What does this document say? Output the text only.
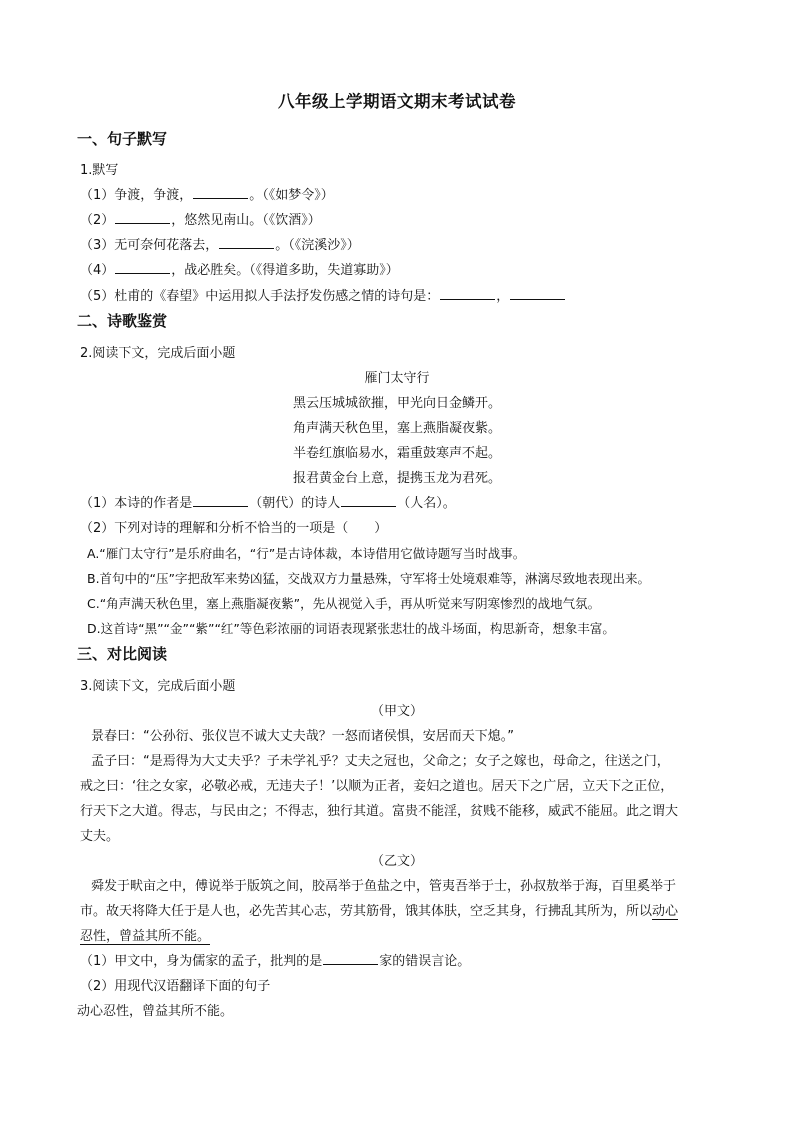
八年级上学期语文期末考试试卷
一、句子默写
1.默写
（1）争渡，争渡，	。（《如梦令》）
（2）	，悠然见南山。（《饮酒》）
（3）无可奈何花落去，	。（《浣溪沙》）
（4）	，战必胜矣。（《得道多助，失道寡助》）
（5）杜甫的《春望》中运用拟人手法抒发伤感之情的诗句是：	，
二、诗歌鉴赏
2.阅读下文，完成后面小题
雁门太守行
黑云压城城欲摧，甲光向日金鳞开。
角声满天秋色里，塞上燕脂凝夜紫。
半卷红旗临易水，霜重鼓寒声不起。
报君黄金台上意，提携玉龙为君死。
（1）本诗的作者是	（朝代）的诗人	（人名）。
（2）下列对诗的理解和分析不恰当的一项是（　　）
A.“雁门太守行”是乐府曲名，“行”是古诗体裁，本诗借用它做诗题写当时战事。
B.首句中的“压”字把敌军来势凶猛，交战双方力量悬殊，守军将士处境艰难等，淋漓尽致地表现出来。
C.“角声满天秋色里，塞上燕脂凝夜紫”，先从视觉入手，再从听觉来写阴寒惨烈的战地气氛。
D.这首诗“黑”“金”“紫”“红”等色彩浓丽的词语表现紧张悲壮的战斗场面，构思新奇，想象丰富。
三、对比阅读
3.阅读下文，完成后面小题
（甲文）
景春曰：“公孙衍、张仪岂不诚大丈夫哉？一怒而诸侯惧，安居而天下熄。”
孟子曰：“是焉得为大丈夫乎？子未学礼乎？丈夫之冠也，父命之；女子之嫁也，母命之，往送之门，
戒之曰：‘往之女家，必敬必戒，无违夫子！’以顺为正者，妾妇之道也。居天下之广居，立天下之正位，
行天下之大道。得志，与民由之；不得志，独行其道。富贵不能淫，贫贱不能移，威武不能屈。此之谓大
丈夫。
（乙文）
舜发于畎亩之中，傅说举于版筑之间，胶鬲举于鱼盐之中，管夷吾举于士，孙叔敖举于海，百里奚举于
市。故天将降大任于是人也，必先苦其心志，劳其筋骨，饿其体肤，空乏其身，行拂乱其所为，所以动心
忍性，曾益其所不能。
（1）甲文中，身为儒家的孟子，批判的是	家的错误言论。
（2）用现代汉语翻译下面的句子
动心忍性，曾益其所不能。
